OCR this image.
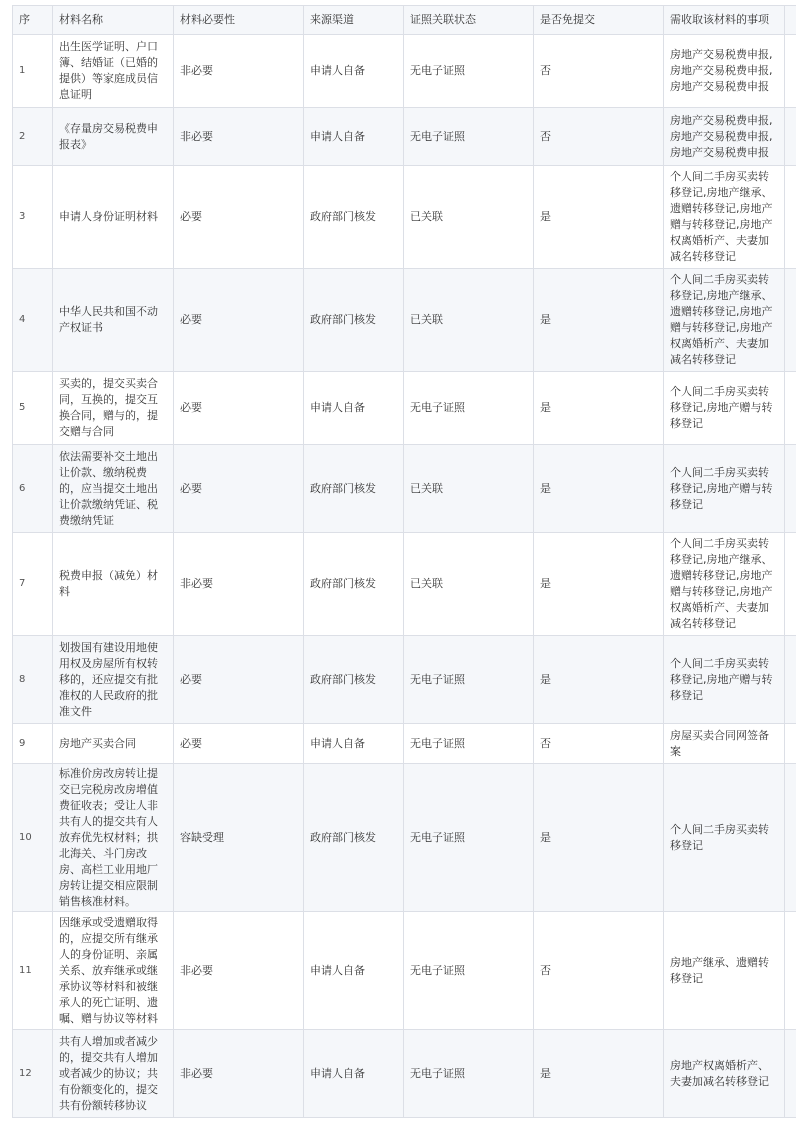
序	材料名称	材料必要性	来源渠道	证照关联状态	是否免提交	需收取该材料的事项	
1	出生医学证明、户口簿、结婚证（已婚的提供）等家庭成员信息证明	非必要	申请人自备	无电子证照	否	房地产交易税费申报,房地产交易税费申报,房地产交易税费申报	
2	《存量房交易税费申报表》	非必要	申请人自备	无电子证照	否	房地产交易税费申报,房地产交易税费申报,房地产交易税费申报	
3	申请人身份证明材料	必要	政府部门核发	已关联	是	个人间二手房买卖转移登记,房地产继承、遗赠转移登记,房地产赠与转移登记,房地产权离婚析产、夫妻加减名转移登记	
4	中华人民共和国不动产权证书	必要	政府部门核发	已关联	是	个人间二手房买卖转移登记,房地产继承、遗赠转移登记,房地产赠与转移登记,房地产权离婚析产、夫妻加减名转移登记	
5	买卖的，提交买卖合同，互换的，提交互换合同，赠与的，提交赠与合同	必要	申请人自备	无电子证照	是	个人间二手房买卖转移登记,房地产赠与转移登记	
6	依法需要补交土地出让价款、缴纳税费的，应当提交土地出让价款缴纳凭证、税费缴纳凭证	必要	政府部门核发	已关联	是	个人间二手房买卖转移登记,房地产赠与转移登记	
7	税费申报（减免）材料	非必要	政府部门核发	已关联	是	个人间二手房买卖转移登记,房地产继承、遗赠转移登记,房地产赠与转移登记,房地产权离婚析产、夫妻加减名转移登记	
8	划拨国有建设用地使用权及房屋所有权转移的，还应提交有批准权的人民政府的批准文件	必要	政府部门核发	无电子证照	是	个人间二手房买卖转移登记,房地产赠与转移登记	
9	房地产买卖合同	必要	申请人自备	无电子证照	否	房屋买卖合同网签备案	
10	标准价房改房转让提交已完税房改房增值费征收表；受让人非共有人的提交共有人放弃优先权材料；拱北海关、斗门房改房、高栏工业用地厂房转让提交相应限制销售核准材料。	容缺受理	政府部门核发	无电子证照	是	个人间二手房买卖转移登记	
11	因继承或受遗赠取得的，应提交所有继承人的身份证明、亲属关系、放弃继承或继承协议等材料和被继承人的死亡证明、遗嘱、赠与协议等材料	非必要	申请人自备	无电子证照	否	房地产继承、遗赠转移登记	
12	共有人增加或者减少的，提交共有人增加或者减少的协议；共有份额变化的，提交共有份额转移协议	非必要	申请人自备	无电子证照	是	房地产权离婚析产、夫妻加减名转移登记	
